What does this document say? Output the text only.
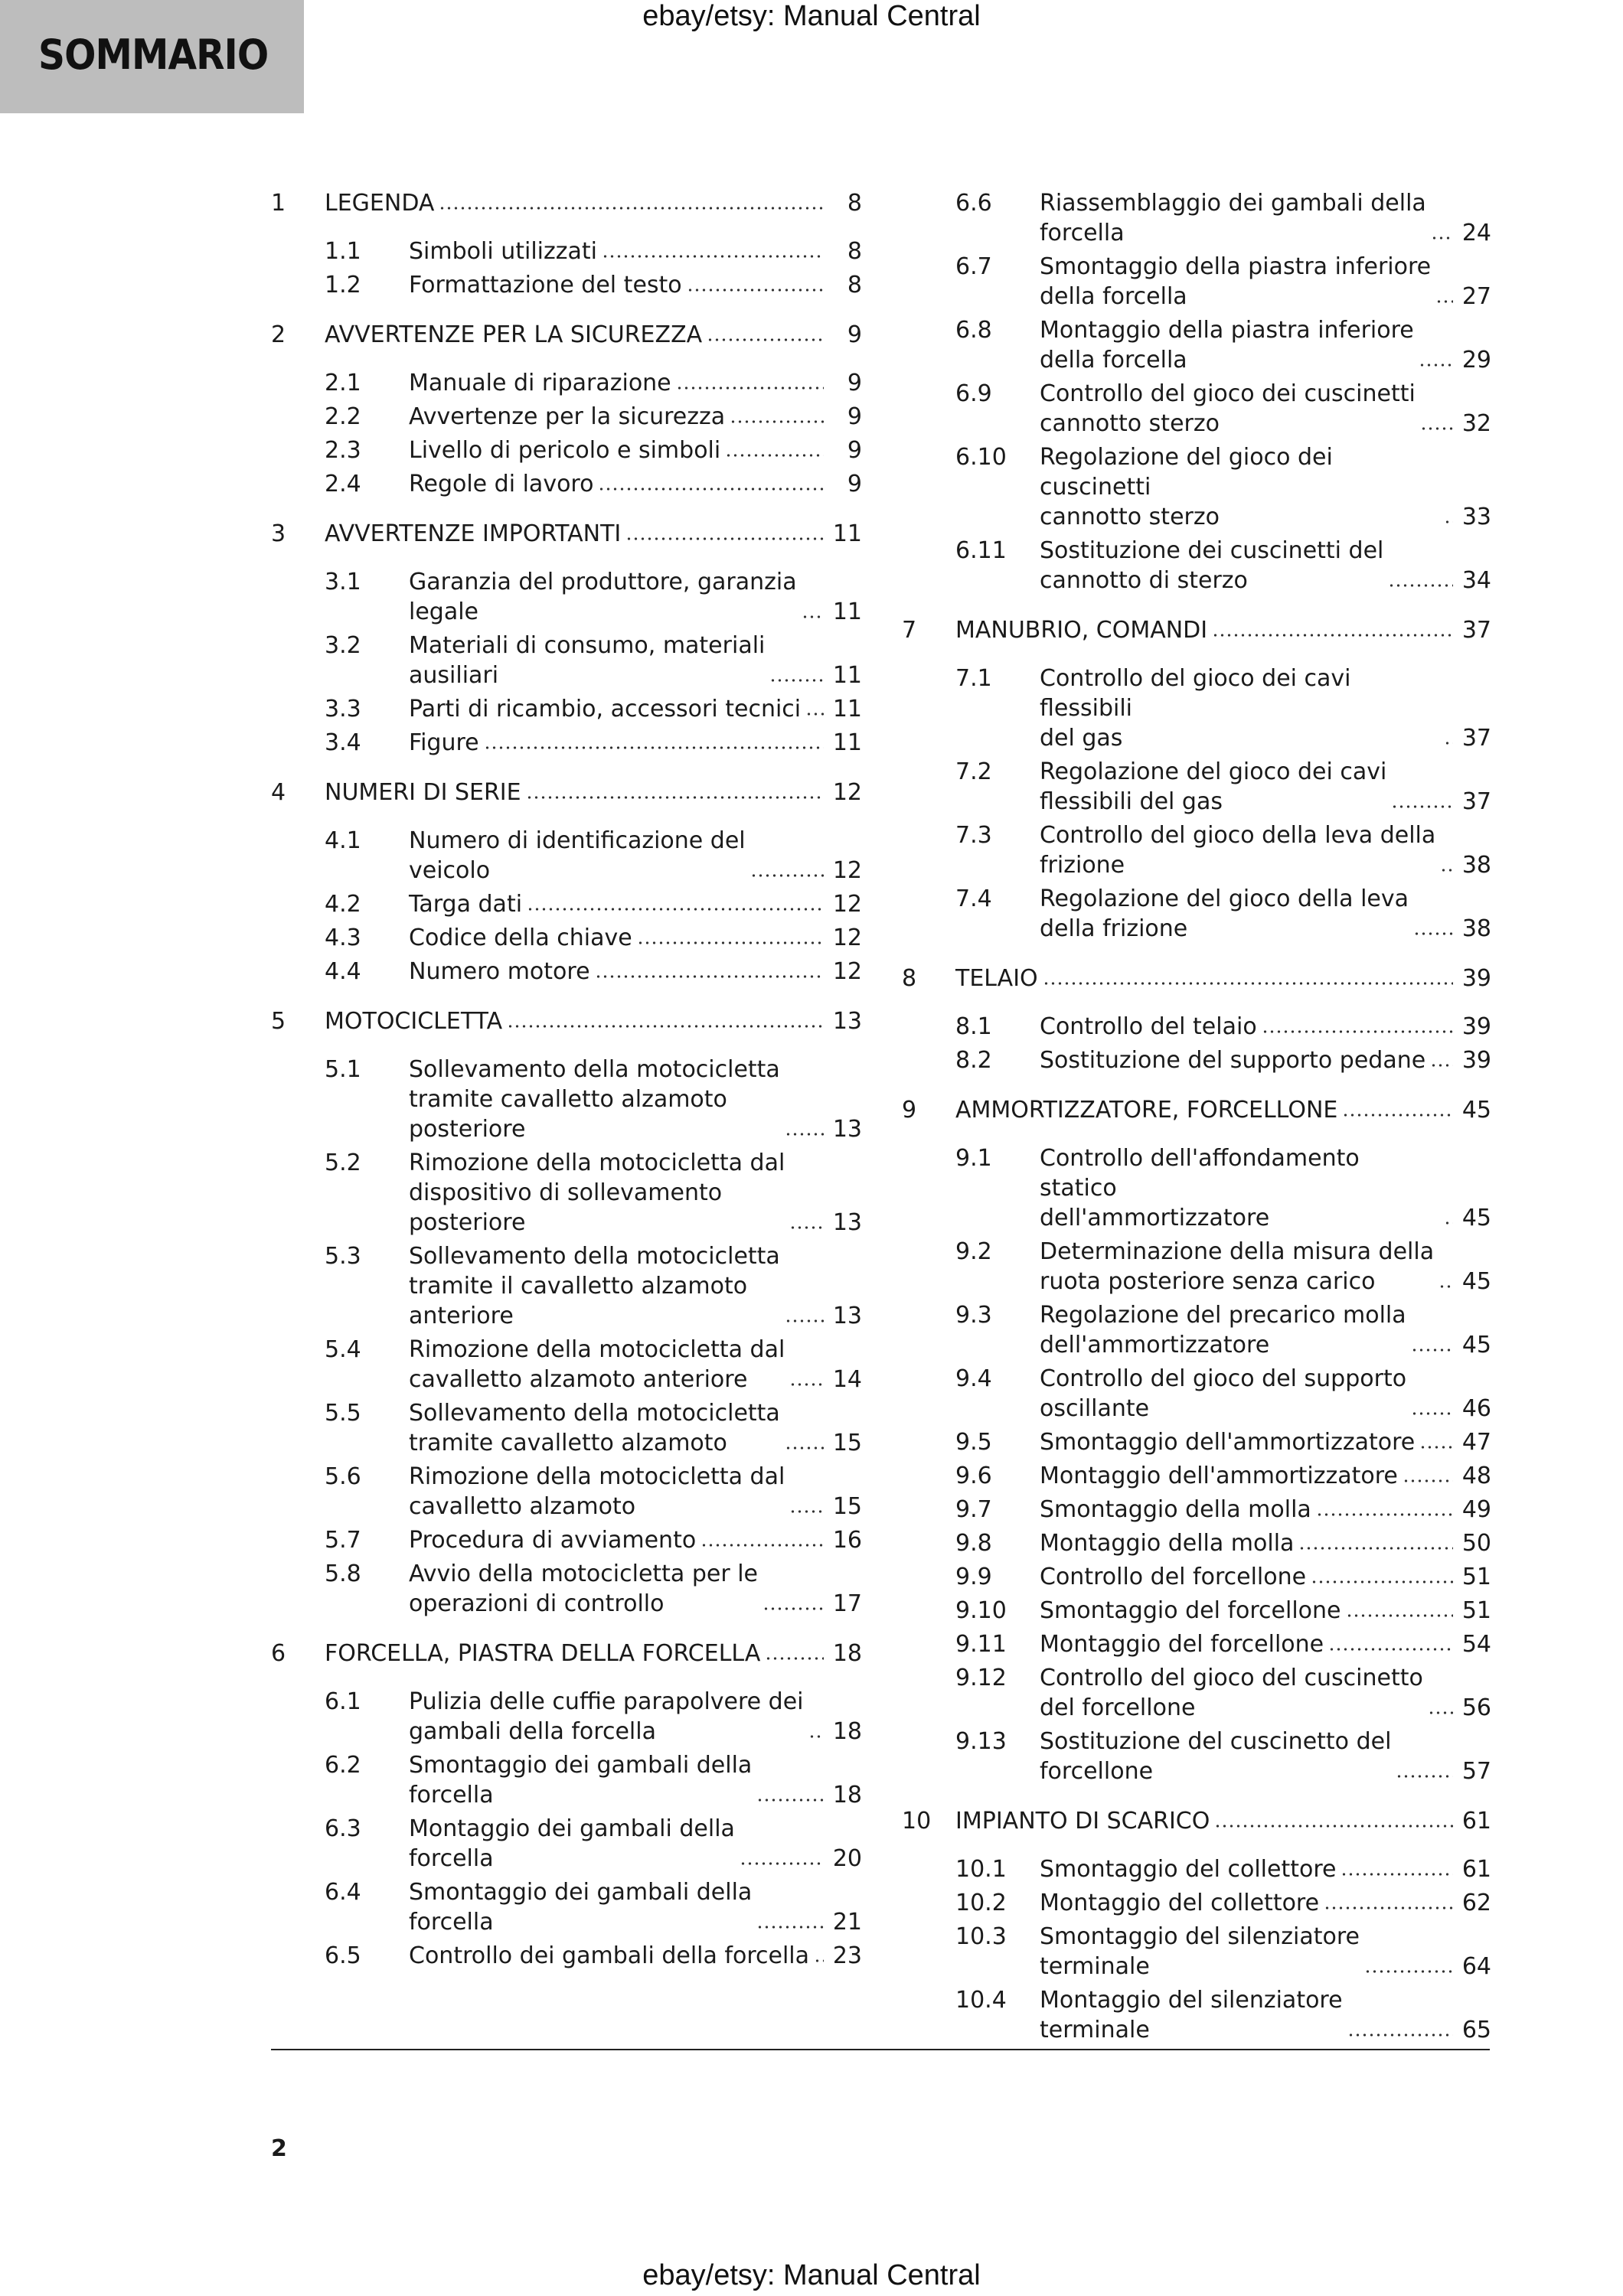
SOMMARIO
ebay/etsy: Manual Central
1	LEGENDA	8
1.1	Simboli utilizzati	8
1.2	Formattazione del testo	8
2	AVVERTENZE PER LA SICUREZZA	9
2.1	Manuale di riparazione	9
2.2	Avvertenze per la sicurezza	9
2.3	Livello di pericolo e simboli	9
2.4	Regole di lavoro	9
3	AVVERTENZE IMPORTANTI	11
3.1	Garanzia del produttore, garanzia
legale	11
3.2	Materiali di consumo, materiali
ausiliari	11
3.3	Parti di ricambio, accessori tecnici 11
3.4	Figure	11
4	NUMERI DI SERIE	12
4.1	Numero di identificazione del
veicolo	12
4.2	Targa dati	12
4.3	Codice della chiave	12
4.4	Numero motore	12
5	MOTOCICLETTA	13
5.1	Sollevamento della motocicletta
tramite cavalletto alzamoto
posteriore	13
5.2	Rimozione della motocicletta dal
dispositivo di sollevamento
posteriore	13
5.3	Sollevamento della motocicletta
tramite il cavalletto alzamoto
anteriore	13
5.4	Rimozione della motocicletta dal
cavalletto alzamoto anteriore	14
5.5	Sollevamento della motocicletta
tramite cavalletto alzamoto	15
5.6	Rimozione della motocicletta dal
cavalletto alzamoto	15
5.7	Procedura di avviamento	16
5.8	Avvio della motocicletta per le
operazioni di controllo	17
6	FORCELLA, PIASTRA DELLA FORCELLA	18
6.1	Pulizia delle cuffie parapolvere dei
gambali della forcella	18
6.2	Smontaggio dei gambali della
forcella	18
6.3	Montaggio dei gambali della
forcella	20
6.4	Smontaggio dei gambali della
forcella	21
6.5	Controllo dei gambali della forcella 23
6.6	Riassemblaggio dei gambali della
forcella	24
6.7	Smontaggio della piastra inferiore
della forcella	27
6.8	Montaggio della piastra inferiore
della forcella	29
6.9	Controllo del gioco dei cuscinetti
cannotto sterzo	32
6.10	Regolazione del gioco dei cuscinetti
cannotto sterzo	33
6.11	Sostituzione dei cuscinetti del
cannotto di sterzo	34
7	MANUBRIO, COMANDI	37
7.1	Controllo del gioco dei cavi flessibili
del gas	37
7.2	Regolazione del gioco dei cavi
flessibili del gas	37
7.3	Controllo del gioco della leva della
frizione	38
7.4	Regolazione del gioco della leva
della frizione	38
8	TELAIO	39
8.1	Controllo del telaio	39
8.2	Sostituzione del supporto pedane 39
9	AMMORTIZZATORE, FORCELLONE	45
9.1	Controllo dell'affondamento statico
dell'ammortizzatore	45
9.2	Determinazione della misura della
ruota posteriore senza carico	45
9.3	Regolazione del precarico molla
dell'ammortizzatore	45
9.4	Controllo del gioco del supporto
oscillante	46
9.5	Smontaggio dell'ammortizzatore 47
9.6	Montaggio dell'ammortizzatore	48
9.7	Smontaggio della molla	49
9.8	Montaggio della molla	50
9.9	Controllo del forcellone	51
9.10	Smontaggio del forcellone	51
9.11	Montaggio del forcellone	54
9.12	Controllo del gioco del cuscinetto
del forcellone	56
9.13	Sostituzione del cuscinetto del
forcellone	57
10	IMPIANTO DI SCARICO	61
10.1	Smontaggio del collettore	61
10.2	Montaggio del collettore	62
10.3	Smontaggio del silenziatore
terminale	64
10.4	Montaggio del silenziatore
terminale	65
2
ebay/etsy: Manual Central
